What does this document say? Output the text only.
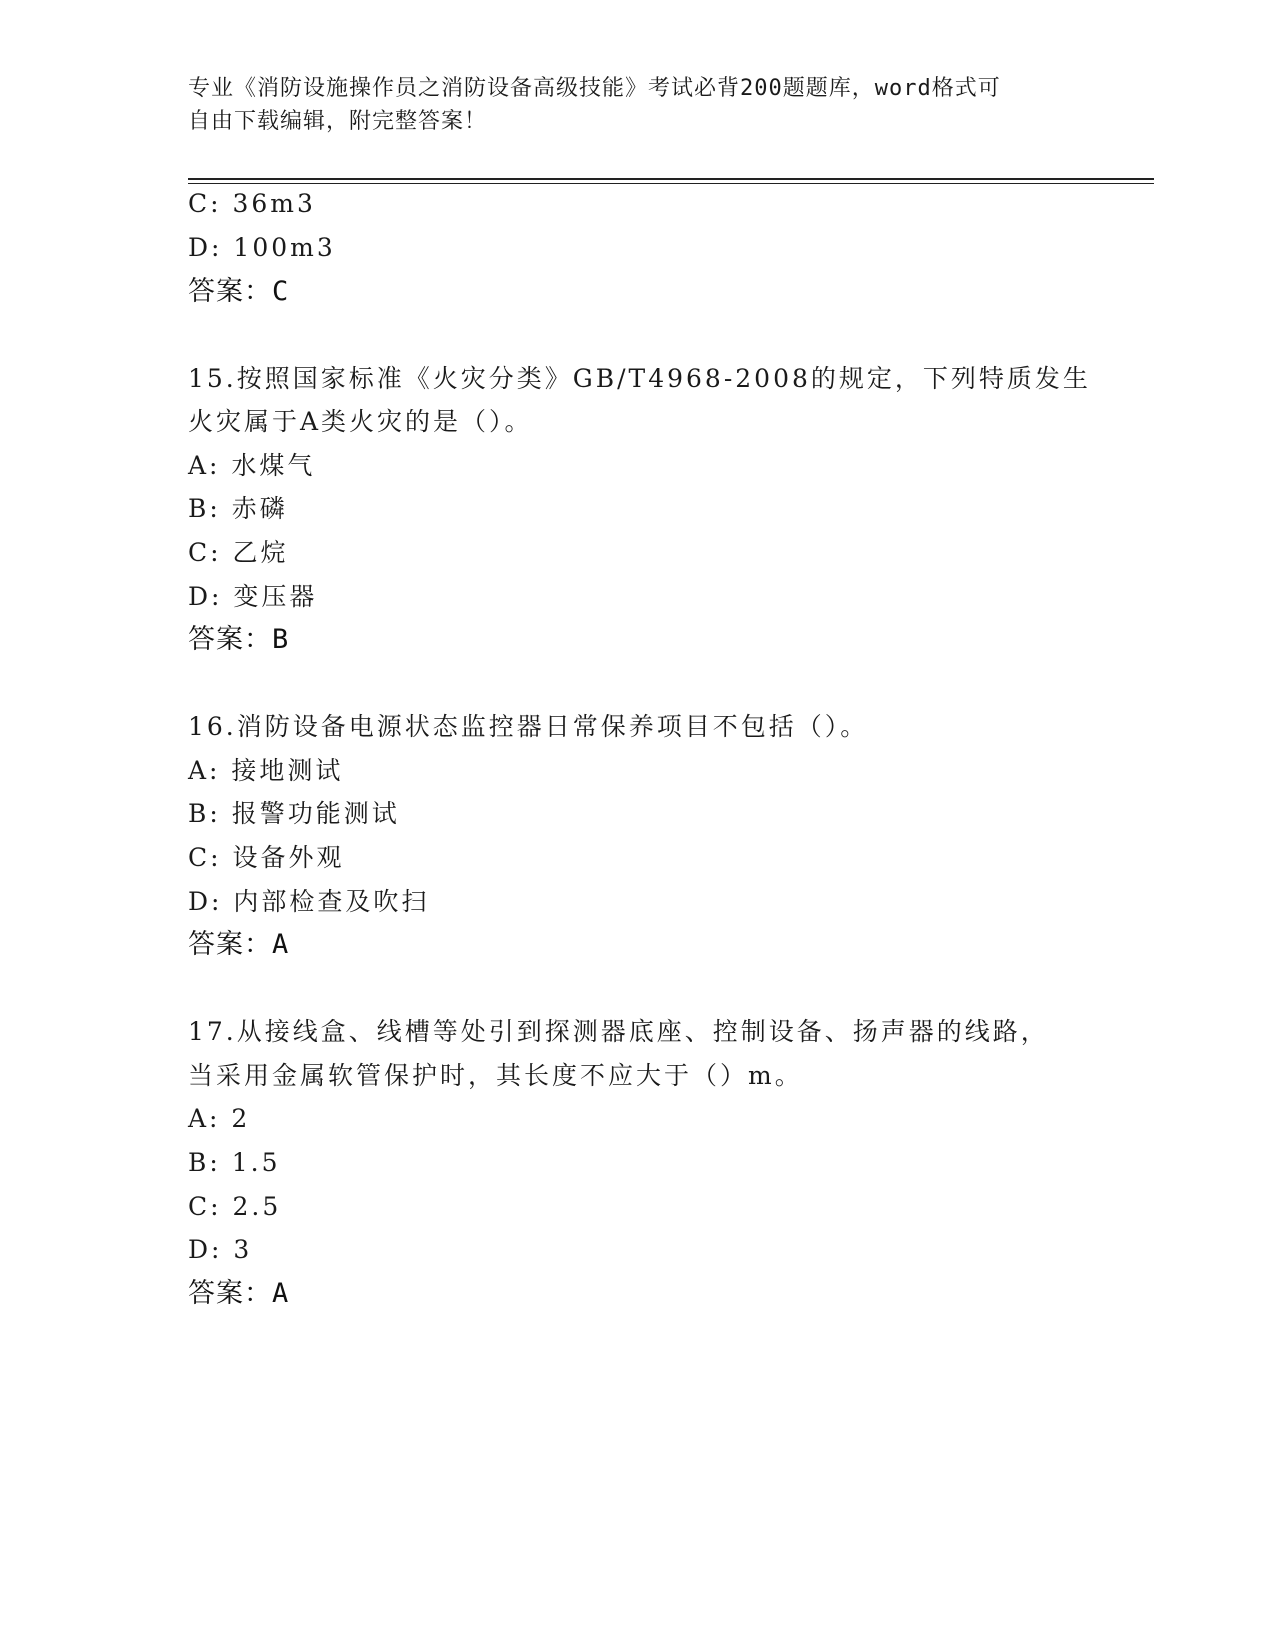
专业《消防设施操作员之消防设备高级技能》考试必背200题题库，word格式可
自由下载编辑，附完整答案！
C: 36m3
D: 100m3
答案：C
15.按照国家标准《火灾分类》GB/T4968-2008的规定，下列特质发生
火灾属于A类火灾的是（）。
A: 水煤气
B: 赤磷
C: 乙烷
D: 变压器
答案：B
16.消防设备电源状态监控器日常保养项目不包括（）。
A: 接地测试
B: 报警功能测试
C: 设备外观
D: 内部检查及吹扫
答案：A
17.从接线盒、线槽等处引到探测器底座、控制设备、扬声器的线路，
当采用金属软管保护时，其长度不应大于（）m。
A: 2
B: 1.5
C: 2.5
D: 3
答案：A
